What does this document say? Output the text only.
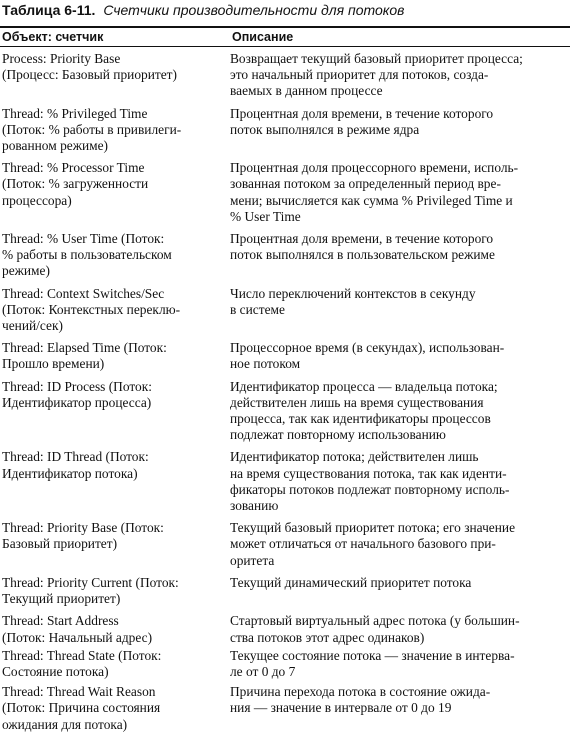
Таблица 6-11. Счетчики производительности для потоков
Объект: счетчик	Описание
Process: Priority Base
(Процесс: Базовый приоритет)
Возвращает текущий базовый приоритет процесса;
это начальный приоритет для потоков, созда-
ваемых в данном процессе
Thread: % Privileged Time
(Поток: % работы в привилеги-
рованном режиме)
Процентная доля времени, в течение которого
поток выполнялся в режиме ядра
Thread: % Processor Time
(Поток: % загруженности
процессора)
Процентная доля процессорного времени, исполь-
зованная потоком за определенный период вре-
мени; вычисляется как сумма % Privileged Time и
% User Time
Thread: % User Time (Поток:
% работы в пользовательском
режиме)
Процентная доля времени, в течение которого
поток выполнялся в пользовательском режиме
Thread: Context Switches/Sec
(Поток: Контекстных переклю-
чений/сек)
Число переключений контекстов в секунду
в системе
Thread: Elapsed Time (Поток:
Прошло времени)
Процессорное время (в секундах), использован-
ное потоком
Thread: ID Process (Поток:
Идентификатор процесса)
Идентификатор процесса — владельца потока;
действителен лишь на время существования
процесса, так как идентификаторы процессов
подлежат повторному использованию
Thread: ID Thread (Поток:
Идентификатор потока)
Идентификатор потока; действителен лишь
на время существования потока, так как иденти-
фикаторы потоков подлежат повторному исполь-
зованию
Thread: Priority Base (Поток:
Базовый приоритет)
Текущий базовый приоритет потока; его значение
может отличаться от начального базового при-
оритета
Thread: Priority Current (Поток:
Текущий приоритет)
Текущий динамический приоритет потока
Thread: Start Address
(Поток: Начальный адрес)
Стартовый виртуальный адрес потока (у большин-
ства потоков этот адрес одинаков)
Thread: Thread State (Поток:
Состояние потока)
Текущее состояние потока — значение в интерва-
ле от 0 до 7
Thread: Thread Wait Reason
(Поток: Причина состояния
ожидания для потока)
Причина перехода потока в состояние ожида-
ния — значение в интервале от 0 до 19
